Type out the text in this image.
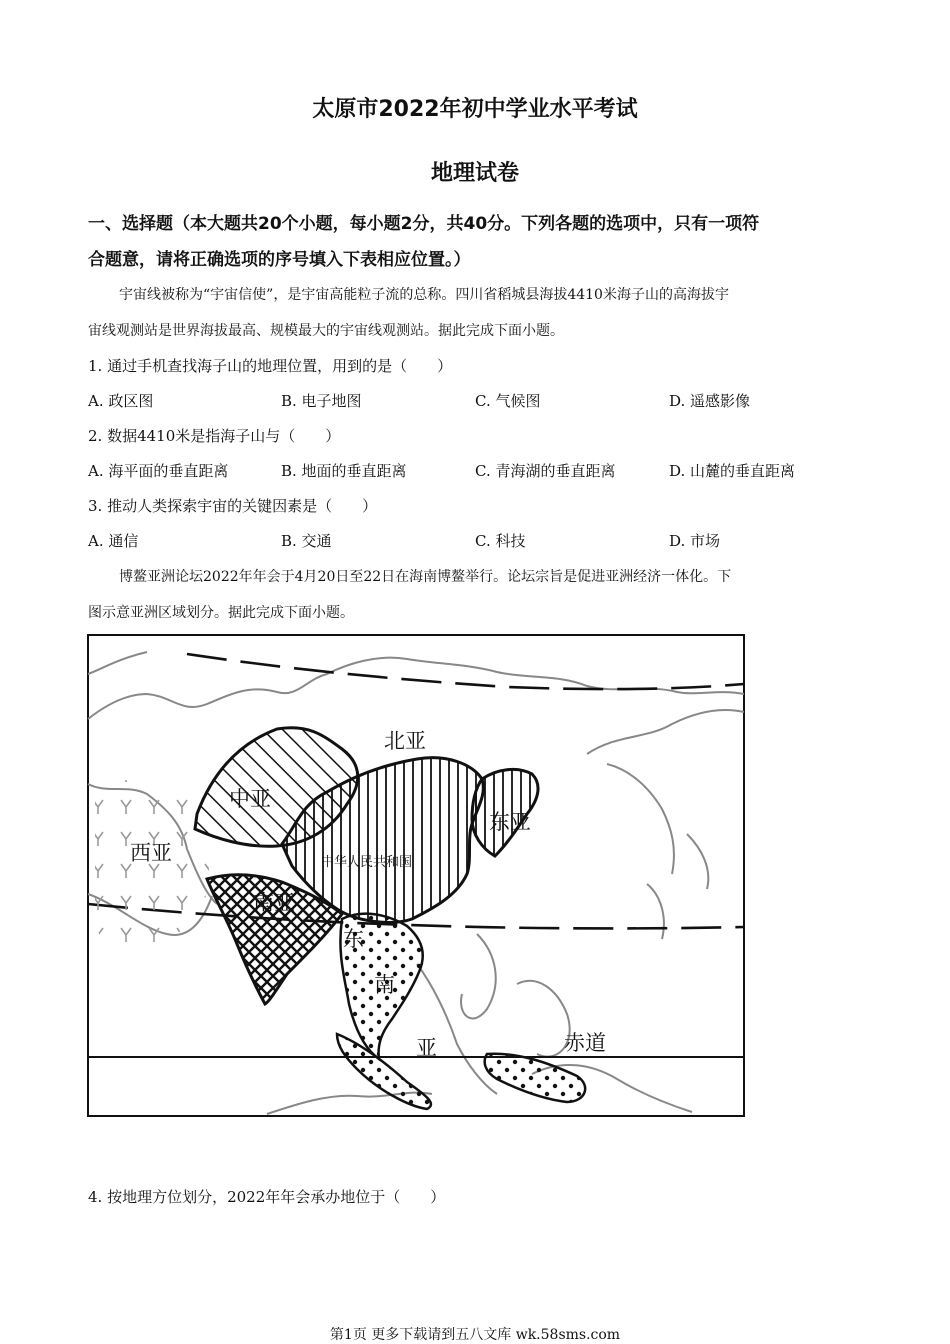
太原市2022年初中学业水平考试
地理试卷
一、选择题（本大题共20个小题，每小题2分，共40分。下列各题的选项中，只有一项符
合题意，请将正确选项的序号填入下表相应位置。）
宇宙线被称为“宇宙信使”，是宇宙高能粒子流的总称。四川省稻城县海拔4410米海子山的高海拔宇
宙线观测站是世界海拔最高、规模最大的宇宙线观测站。据此完成下面小题。
1. 通过手机查找海子山的地理位置，用到的是（　　）
A. 政区图	B. 电子地图	C. 气候图	D. 遥感影像
2. 数据4410米是指海子山与（　　）
A. 海平面的垂直距离	B. 地面的垂直距离	C. 青海湖的垂直距离	D. 山麓的垂直距离
3. 推动人类探索宇宙的关键因素是（　　）
A. 通信	B. 交通	C. 科技	D. 市场
博鳌亚洲论坛2022年年会于4月20日至22日在海南博鳌举行。论坛宗旨是促进亚洲经济一体化。下
图示意亚洲区域划分。据此完成下面小题。
北亚
中亚
西亚
东亚
中华人民共和国
南亚
东
南
亚	赤道
4. 按地理方位划分，2022年年会承办地位于（　　）
第1页 更多下载请到五八文库 wk.58sms.com
